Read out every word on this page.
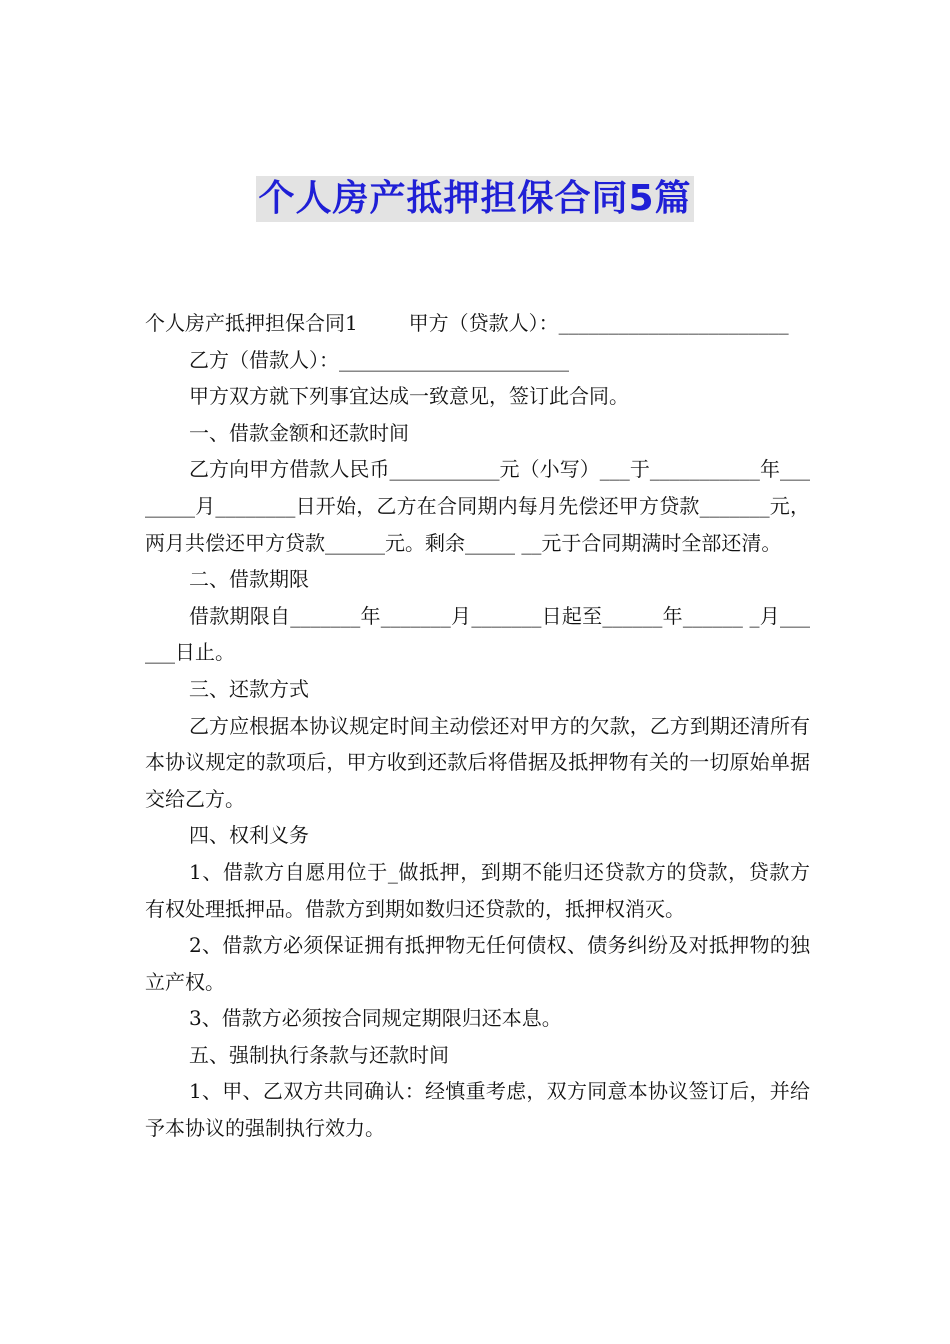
个人房产抵押担保合同5篇

个人房产抵押担保合同1        甲方（贷款人）：_______________________

乙方（借款人）：_______________________

甲方双方就下列事宜达成一致意见，签订此合同。

一、借款金额和还款时间

乙方向甲方借款人民币___________元（小写）___于___________年________月________日开始，乙方在合同期内每月先偿还甲方贷款_______元，两月共偿还甲方贷款______元。剩余_____ __元于合同期满时全部还清。

二、借款期限

借款期限自_______年_______月_______日起至______年______ _月______日止。

三、还款方式

乙方应根据本协议规定时间主动偿还对甲方的欠款，乙方到期还清所有本协议规定的款项后，甲方收到还款后将借据及抵押物有关的一切原始单据交给乙方。

四、权利义务

1、借款方自愿用位于_做抵押，到期不能归还贷款方的贷款，贷款方有权处理抵押品。借款方到期如数归还贷款的，抵押权消灭。

2、借款方必须保证拥有抵押物无任何债权、债务纠纷及对抵押物的独立产权。

3、借款方必须按合同规定期限归还本息。

五、强制执行条款与还款时间

1、甲、乙双方共同确认：经慎重考虑，双方同意本协议签订后，并给予本协议的强制执行效力。
